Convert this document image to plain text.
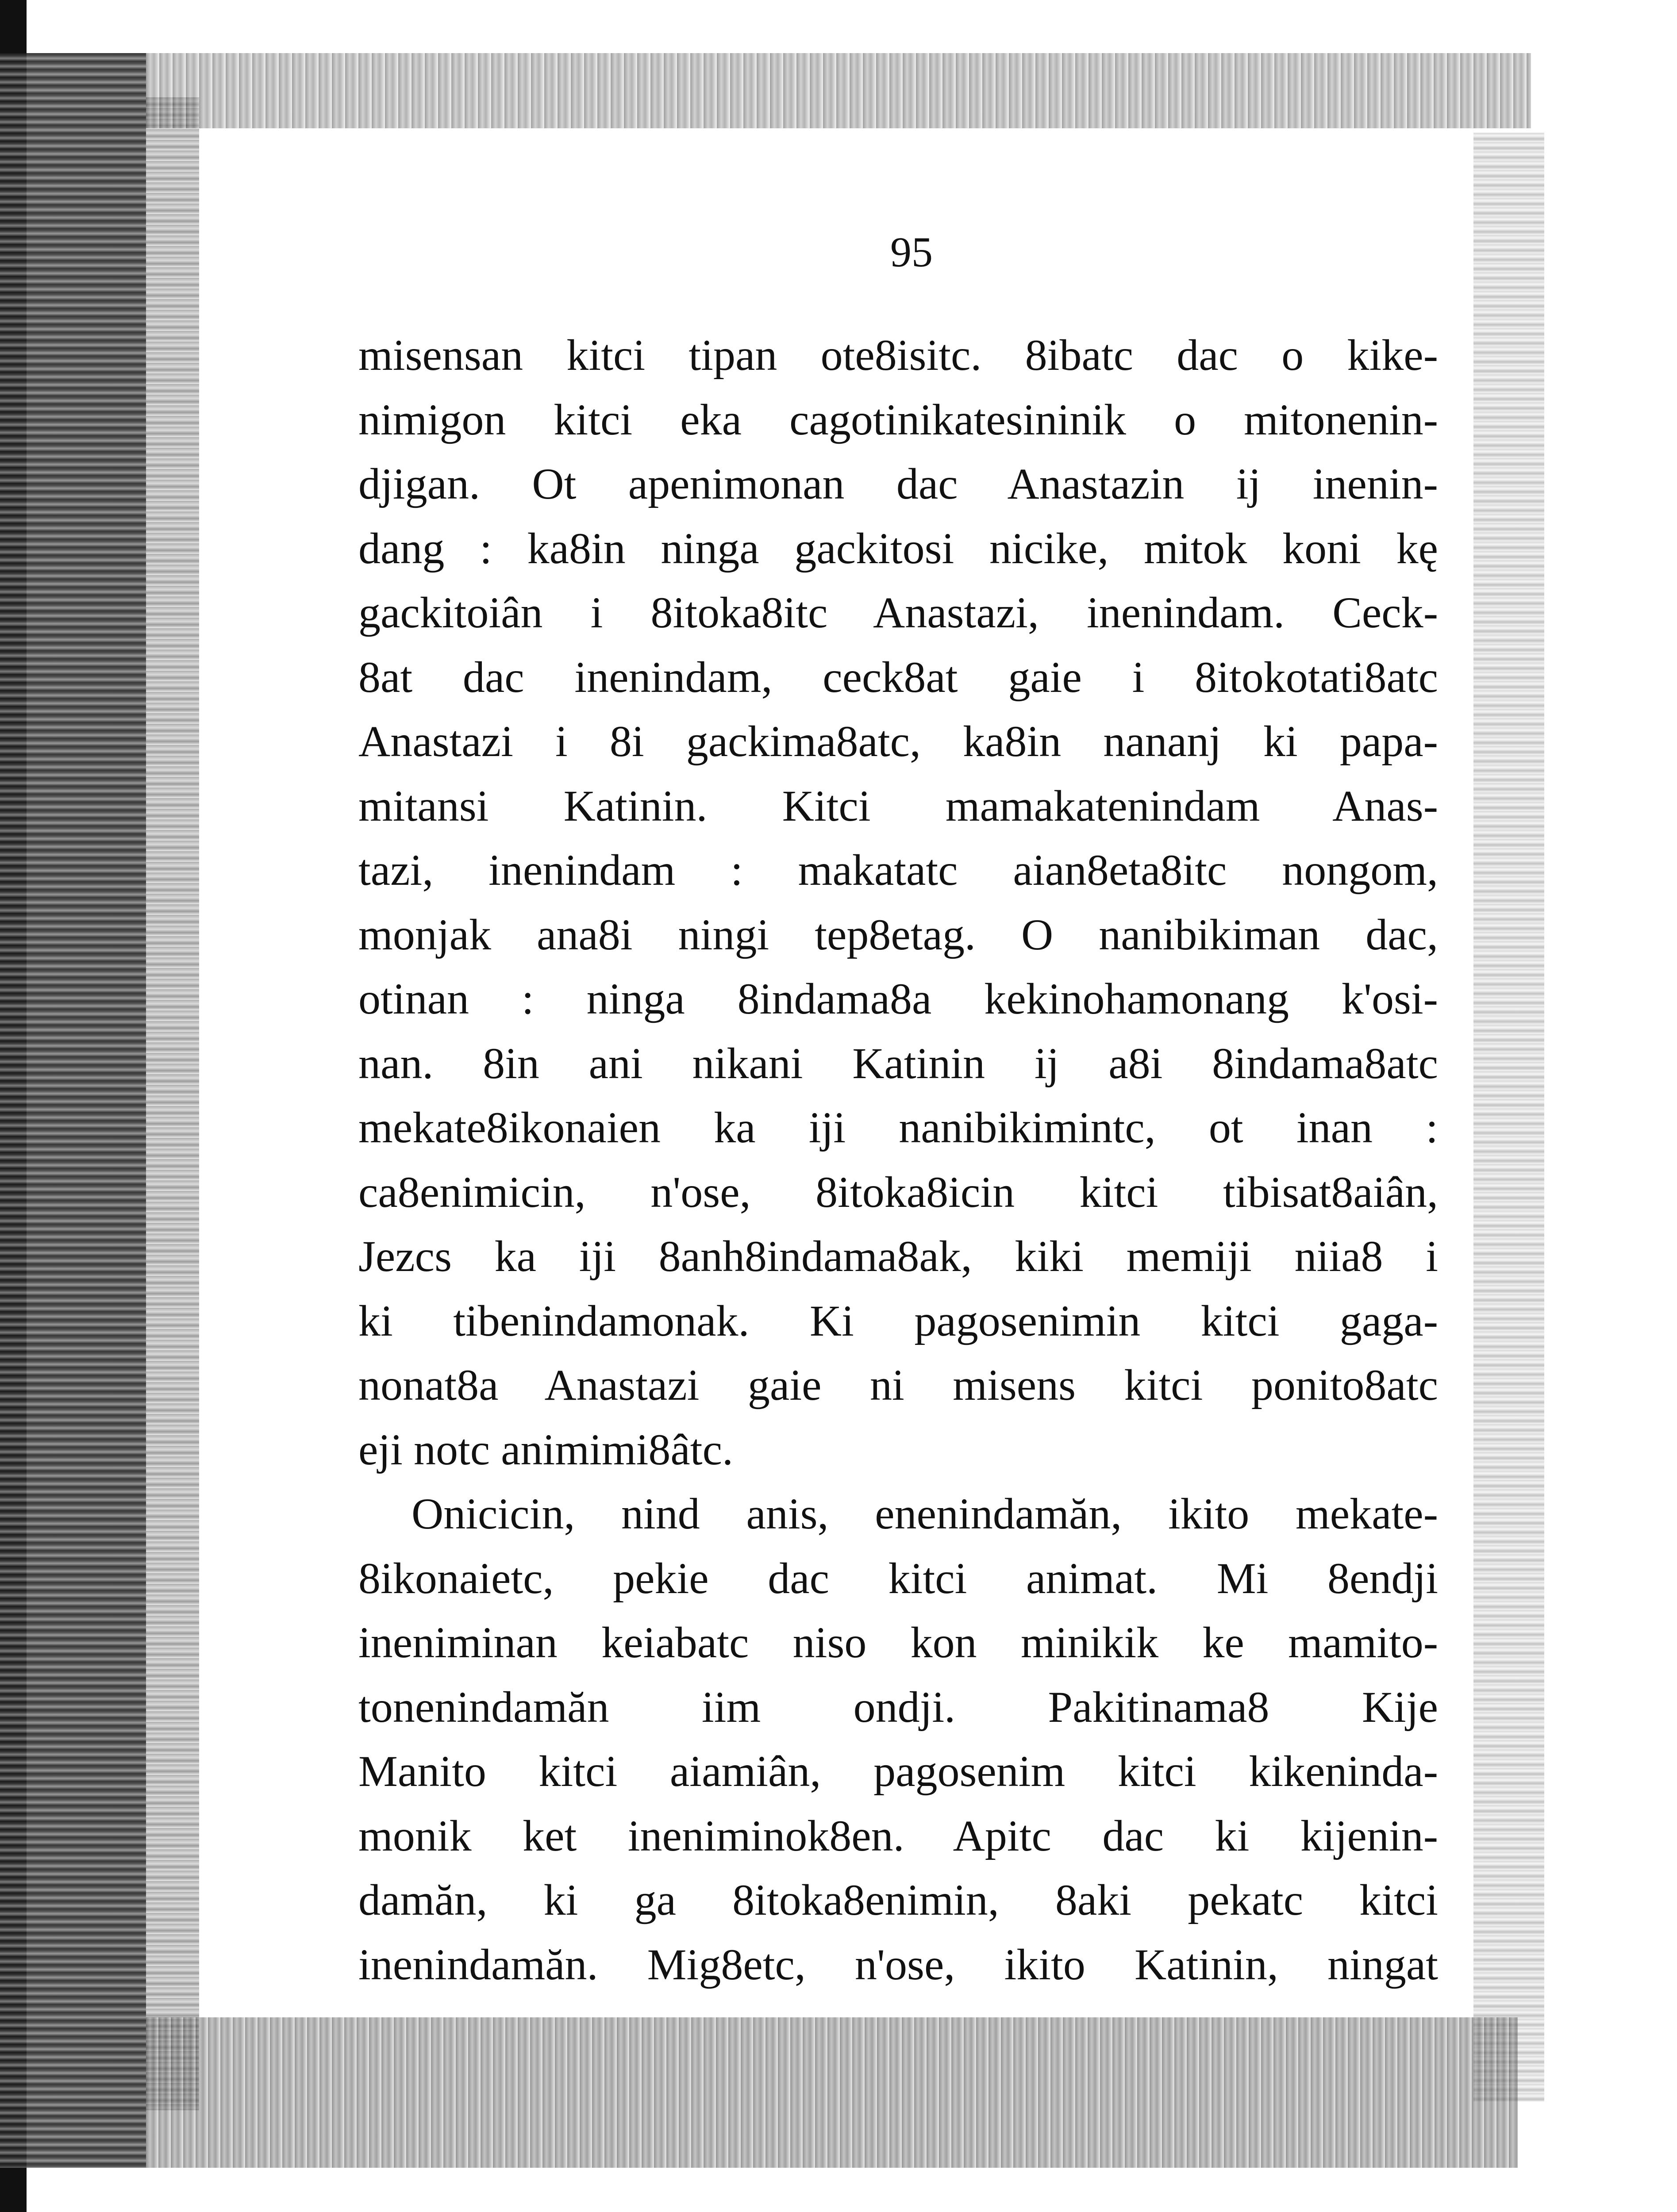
95
misensan kitci tipan ote8isitc. 8ibatc dac o kike-
nimigon kitci eka cagotinikatesininik o mitonenin-
djigan. Ot apenimonan dac Anastazin ij inenin-
dang : ka8in ninga gackitosi nicike, mitok koni kę
gackitoiân i 8itoka8itc Anastazi, inenindam. Ceck-
8at dac inenindam, ceck8at gaie i 8itokotati8atc
Anastazi i 8i gackima8atc, ka8in nananj ki papa-
mitansi Katinin. Kitci mamakatenindam Anas-
tazi, inenindam : makatatc aian8eta8itc nongom,
monjak ana8i ningi tep8etag. O nanibikiman dac,
otinan : ninga 8indama8a kekinohamonang k'osi-
nan. 8in ani nikani Katinin ij a8i 8indama8atc
mekate8ikonaien ka iji nanibikimintc, ot inan :
ca8enimicin, n'ose, 8itoka8icin kitci tibisat8aiân,
Jezcs ka iji 8anh8indama8ak, kiki memiji niia8 i
ki tibenindamonak. Ki pagosenimin kitci gaga-
nonat8a Anastazi gaie ni misens kitci ponito8atc
eji notc animimi8âtc.
Onicicin, nind anis, enenindamăn, ikito mekate-
8ikonaietc, pekie dac kitci animat. Mi 8endji
ineniminan keiabatc niso kon minikik ke mamito-
tonenindamăn iim ondji. Pakitinama8 Kije
Manito kitci aiamiân, pagosenim kitci kikeninda-
monik ket ineniminok8en. Apitc dac ki kijenin-
damăn, ki ga 8itoka8enimin, 8aki pekatc kitci
inenindamăn. Mig8etc, n'ose, ikito Katinin, ningat
